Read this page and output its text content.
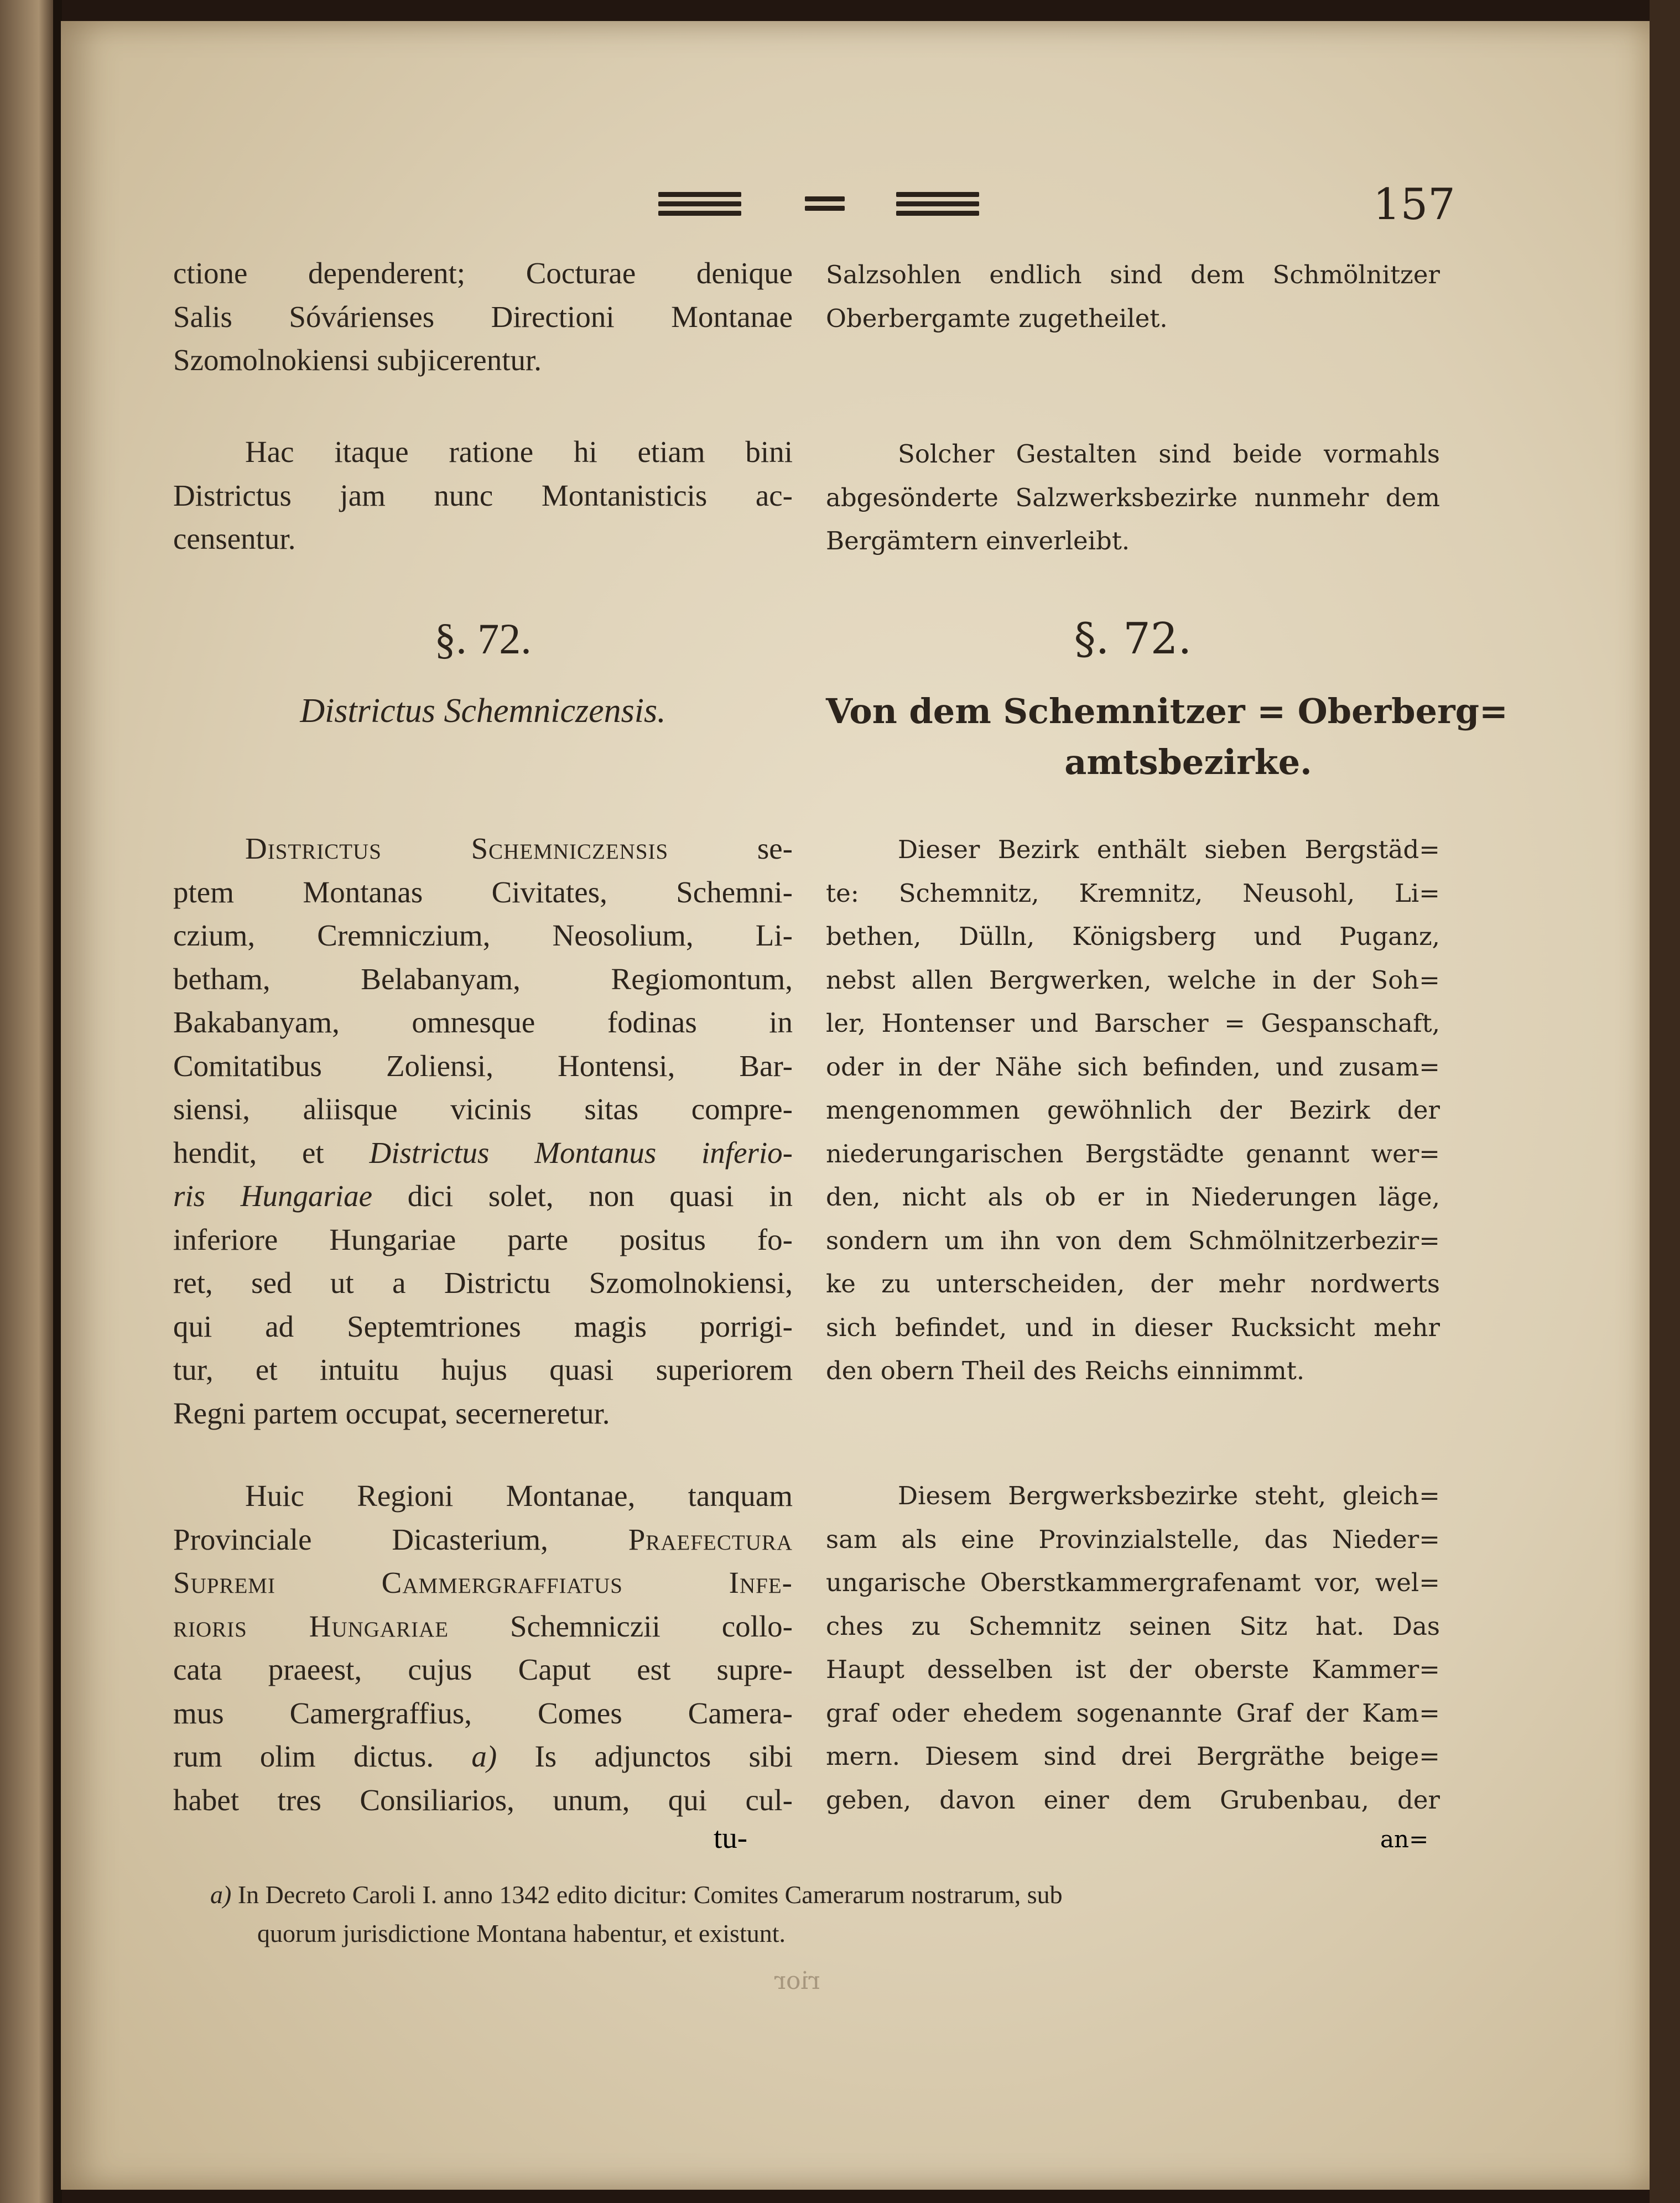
157
ctione dependerent; Cocturae denique
Salis Sóvárienses Directioni Montanae
Szomolnokiensi subjicerentur.
Hac itaque ratione hi etiam bini
Districtus jam nunc Montanisticis ac-
censentur.
§. 72.
Districtus Schemniczensis.
Districtus Schemniczensis se-
ptem Montanas Civitates, Schemni-
czium, Cremniczium, Neosolium, Li-
betham, Belabanyam, Regiomontum,
Bakabanyam, omnesque fodinas in
Comitatibus Zoliensi, Hontensi, Bar-
siensi, aliisque vicinis sitas compre-
hendit, et Districtus Montanus inferio-
ris Hungariae dici solet, non quasi in
inferiore Hungariae parte positus fo-
ret, sed ut a Districtu Szomolnokiensi,
qui ad Septemtriones magis porrigi-
tur, et intuitu hujus quasi superiorem
Regni partem occupat, secerneretur.
Huic Regioni Montanae, tanquam
Provinciale Dicasterium, Praefectura
Supremi Cammergraffiatus Infe-
rioris Hungariae Schemniczii collo-
cata praeest, cujus Caput est supre-
mus Camergraffius, Comes Camera-
rum olim dictus. a) Is adjunctos sibi
habet tres Consiliarios, unum, qui cul-
tu-
Salzsohlen endlich sind dem Schmölnitzer
Oberbergamte zugetheilet.
Solcher Gestalten sind beide vormahls
abgesönderte Salzwerksbezirke nunmehr dem
Bergämtern einverleibt.
§. 72.
Von dem Schemnitzer = Oberberg=
amtsbezirke.
Dieser Bezirk enthält sieben Bergstäd=
te: Schemnitz, Kremnitz, Neusohl, Li=
bethen, Dülln, Königsberg und Puganz,
nebst allen Bergwerken, welche in der Soh=
ler, Hontenser und Barscher = Gespanschaft,
oder in der Nähe sich befinden, und zusam=
mengenommen gewöhnlich der Bezirk der
niederungarischen Bergstädte genannt wer=
den, nicht als ob er in Niederungen läge,
sondern um ihn von dem Schmölnitzerbezir=
ke zu unterscheiden, der mehr nordwerts
sich befindet, und in dieser Rucksicht mehr
den obern Theil des Reichs einnimmt.
Diesem Bergwerksbezirke steht, gleich=
sam als eine Provinzialstelle, das Nieder=
ungarische Oberstkammergrafenamt vor, wel=
ches zu Schemnitz seinen Sitz hat. Das
Haupt desselben ist der oberste Kammer=
graf oder ehedem sogenannte Graf der Kam=
mern. Diesem sind drei Bergräthe beige=
geben, davon einer dem Grubenbau, der
an=
a) In Decreto Caroli I. anno 1342 edito dicitur: Comites Camerarum nostrarum, sub
quorum jurisdictione Montana habentur, et existunt.
rior
